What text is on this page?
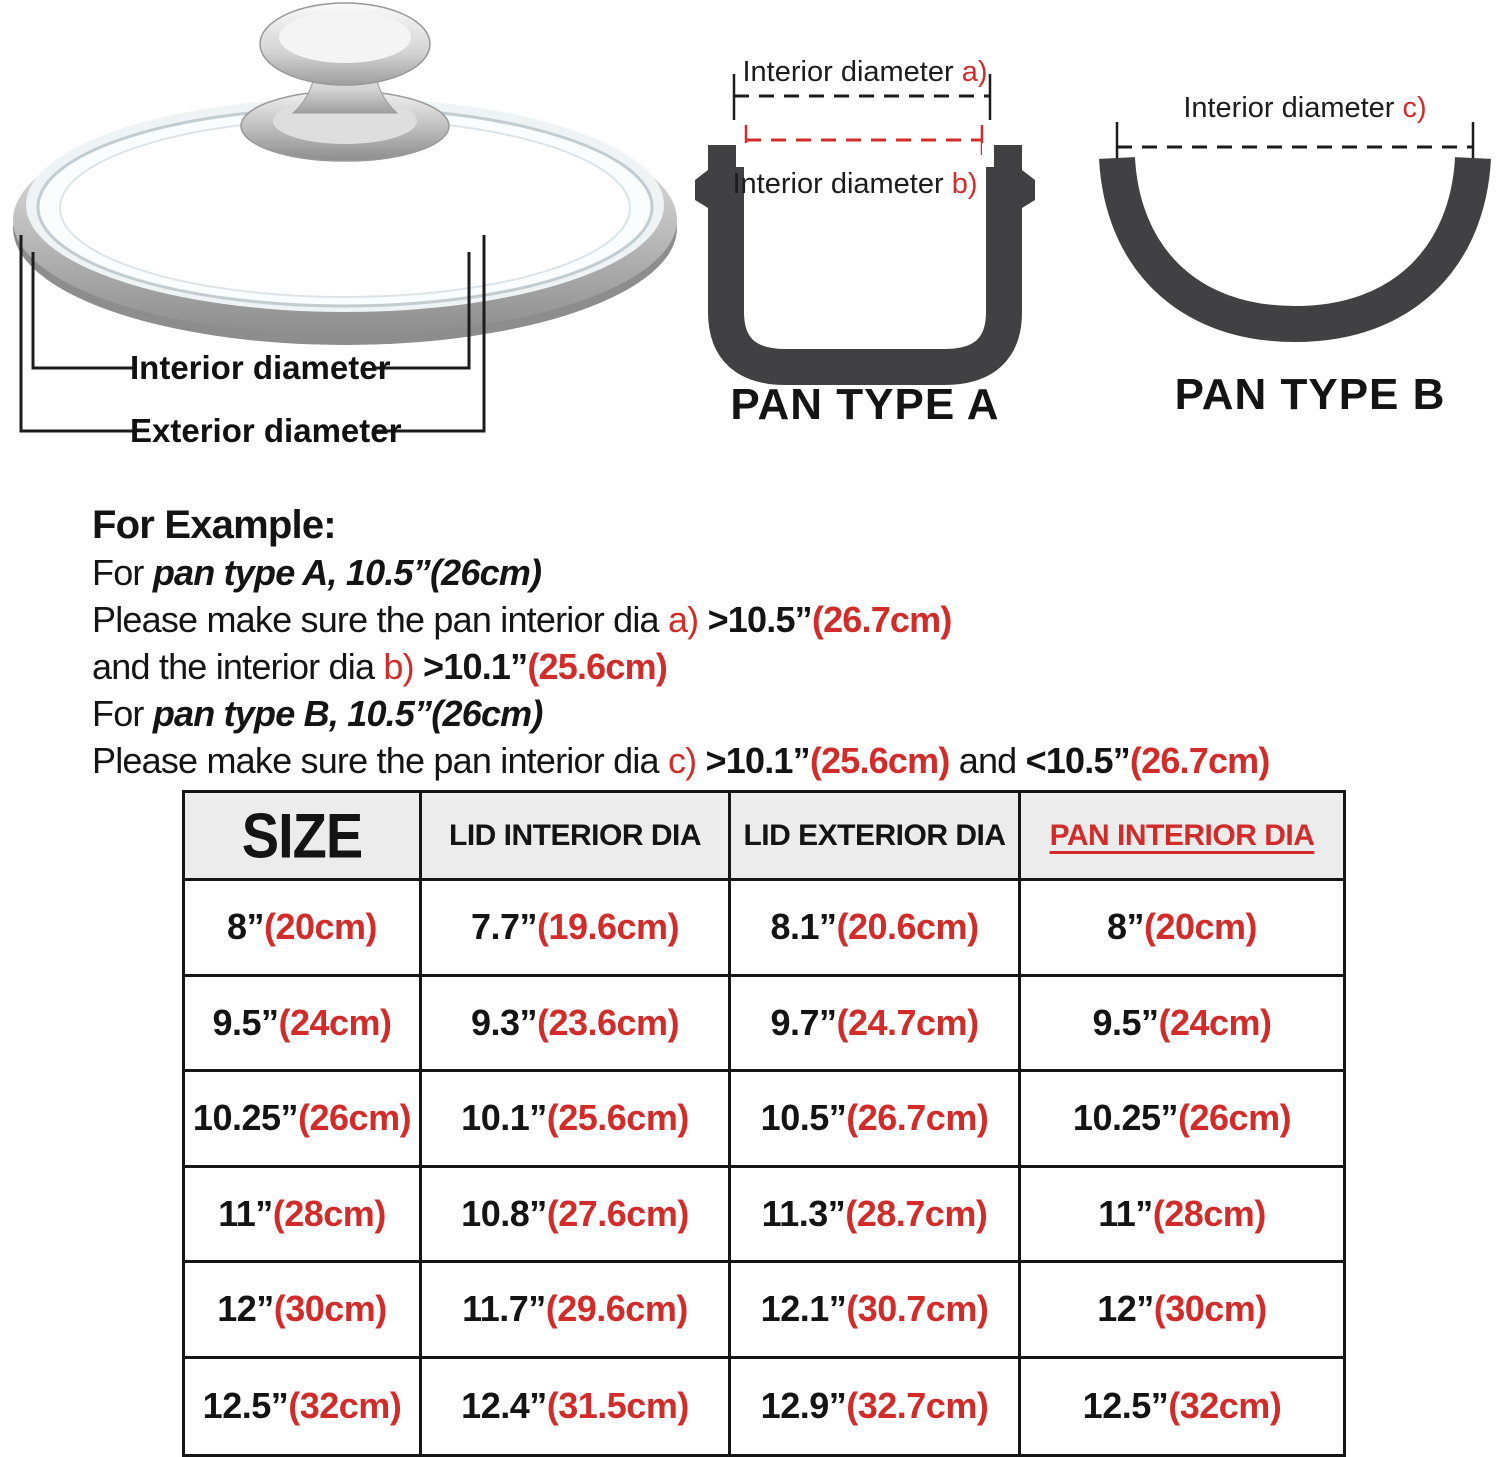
Interior diameter
Exterior diameter
Interior diameter a)
Interior diameter b)
PAN TYPE A
Interior diameter c)
PAN TYPE B
For Example:
For pan type A, 10.5”(26cm)
Please make sure the pan interior dia a) >10.5”(26.7cm)
and the interior dia b) >10.1”(25.6cm)
For pan type B, 10.5”(26cm)
Please make sure the pan interior dia c) >10.1”(25.6cm) and <10.5”(26.7cm)
SIZE	LID INTERIOR DIA	LID EXTERIOR DIA	PAN INTERIOR DIA
8” (20cm)	7.7” (19.6cm)	8.1” (20.6cm)	8” (20cm)
9.5” (24cm) 9.3” (23.6cm)	9.7” (24.7cm)	9.5” (24cm)
10.25” (26cm) 10.1” (25.6cm) 10.5” (26.7cm) 10.25” (26cm)
11” (28cm) 10.8” (27.6cm) 11.3” (28.7cm)	11” (28cm)
12” (30cm) 11.7” (29.6cm) 12.1” (30.7cm)	12” (30cm)
12.5” (32cm) 12.4” (31.5cm) 12.9” (32.7cm)	12.5” (32cm)
